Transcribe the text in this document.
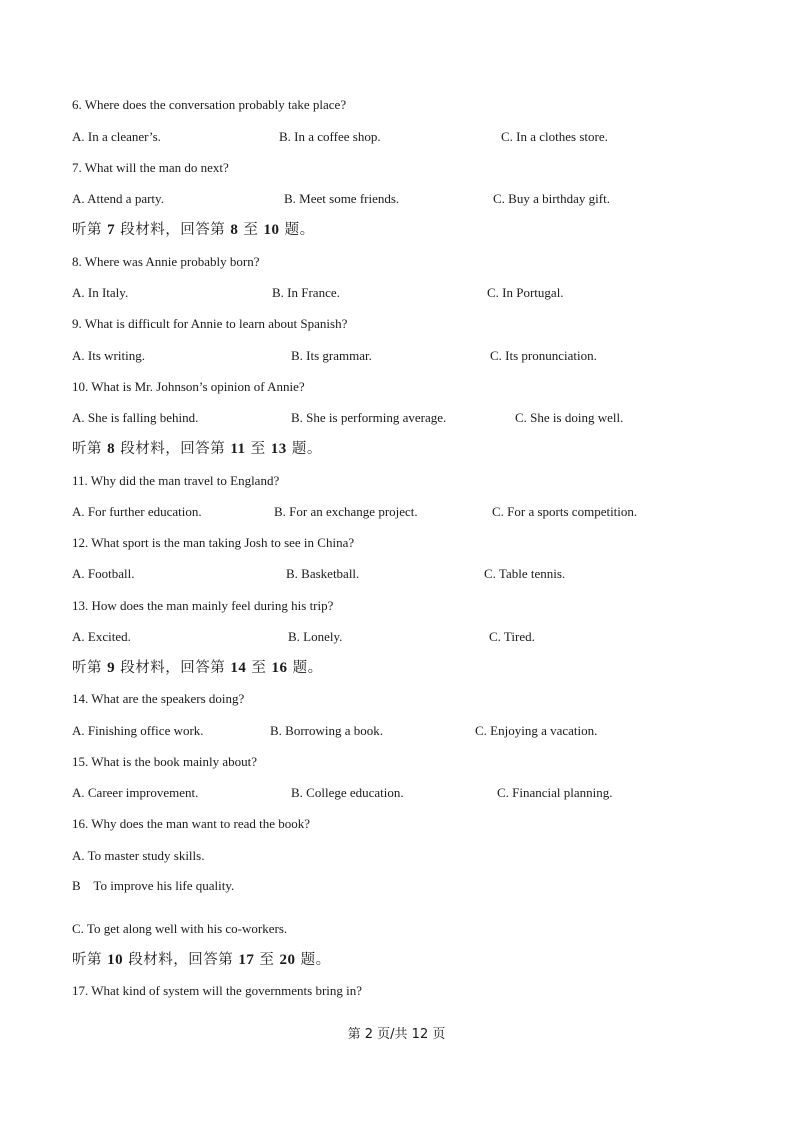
6. Where does the conversation probably take place?
A. In a cleaner’s.	B. In a coffee shop.	C. In a clothes store.
7. What will the man do next?
A. Attend a party.	B. Meet some friends.	C. Buy a birthday gift.
听第 7 段材料，回答第 8 至 10 题。
8. Where was Annie probably born?
A. In Italy.	B. In France.	C. In Portugal.
9. What is difficult for Annie to learn about Spanish?
A. Its writing.	B. Its grammar.	C. Its pronunciation.
10. What is Mr. Johnson’s opinion of Annie?
A. She is falling behind.	B. She is performing average.	C. She is doing well.
听第 8 段材料，回答第 11 至 13 题。
11. Why did the man travel to England?
A. For further education.	B. For an exchange project.	C. For a sports competition.
12. What sport is the man taking Josh to see in China?
A. Football.	B. Basketball.	C. Table tennis.
13. How does the man mainly feel during his trip?
A. Excited.	B. Lonely.	C. Tired.
听第 9 段材料，回答第 14 至 16 题。
14. What are the speakers doing?
A. Finishing office work.	B. Borrowing a book.	C. Enjoying a vacation.
15. What is the book mainly about?
A. Career improvement.	B. College education.	C. Financial planning.
16. Why does the man want to read the book?
A. To master study skills.
B    To improve his life quality.
C. To get along well with his co-workers.
听第 10 段材料，回答第 17 至 20 题。
17. What kind of system will the governments bring in?
第 2 页/共 12 页
